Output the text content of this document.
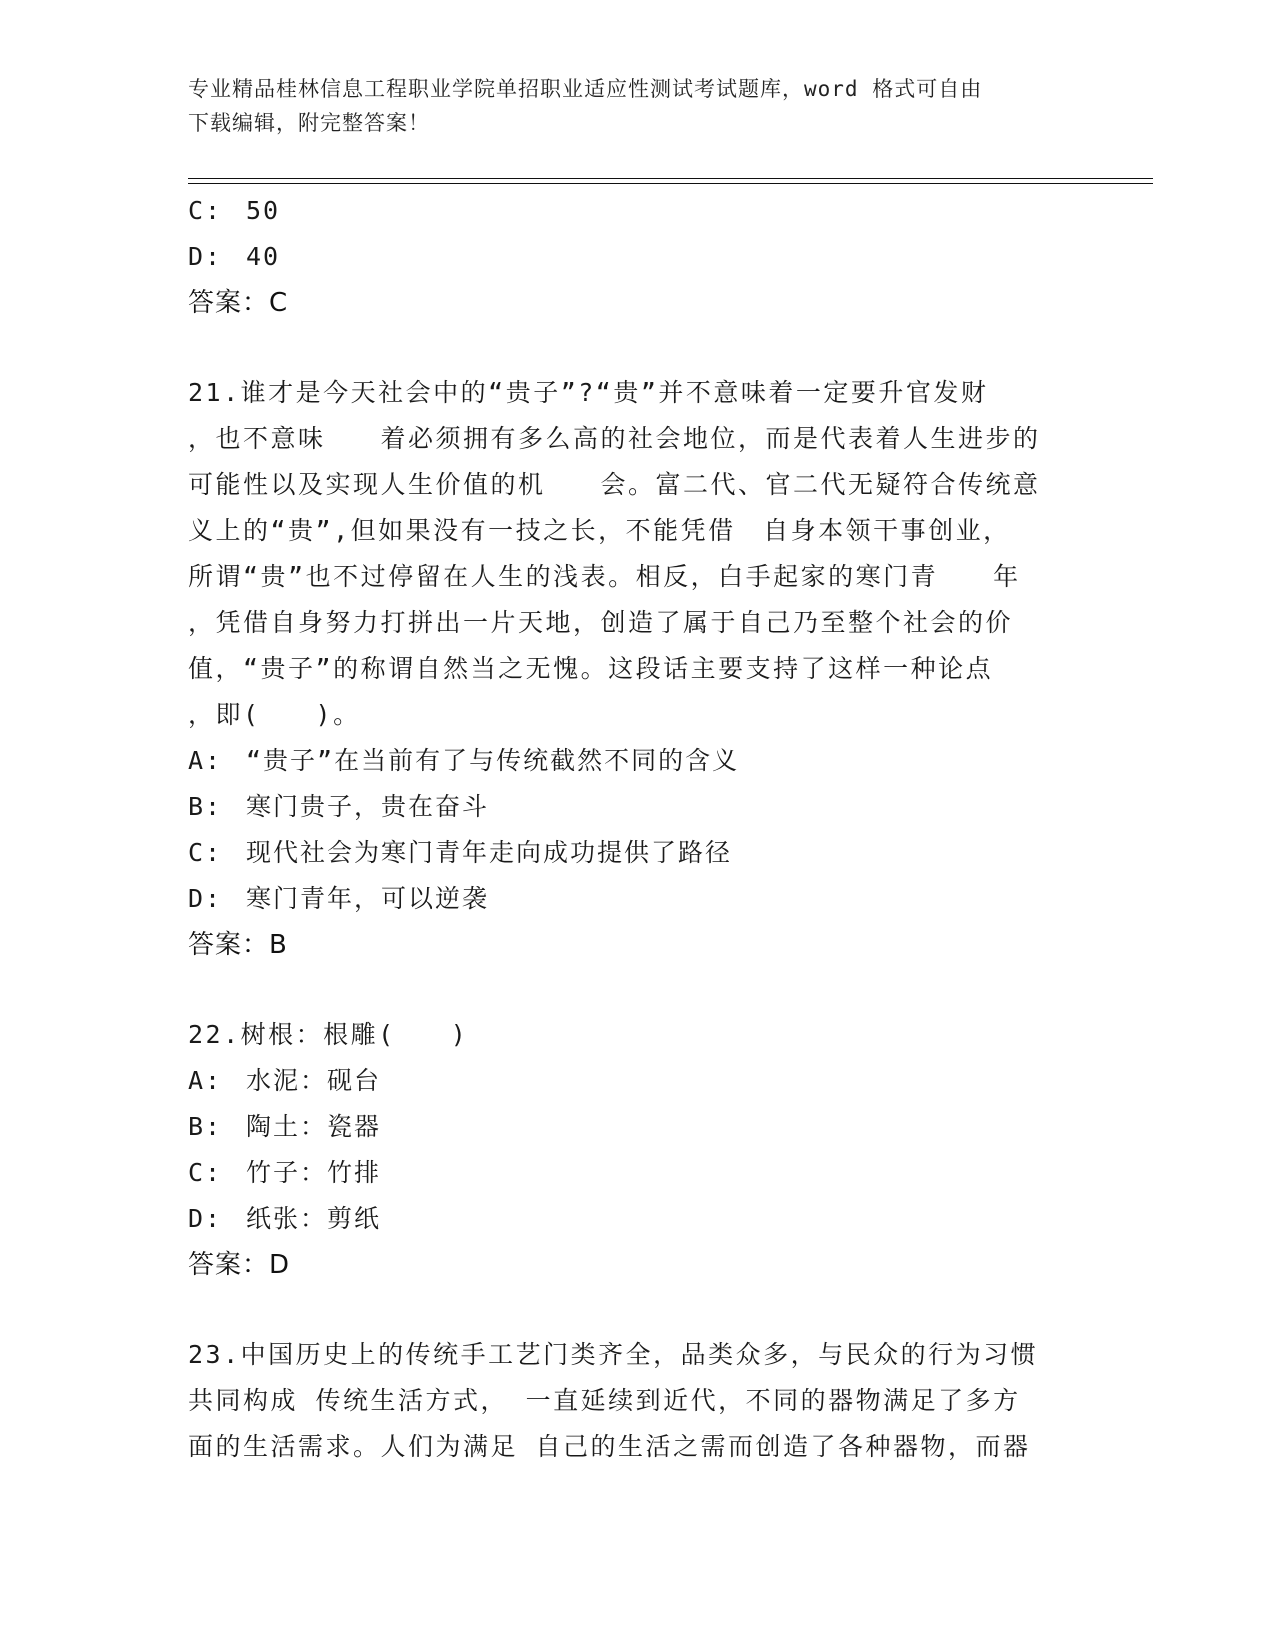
专业精品桂林信息工程职业学院单招职业适应性测试考试题库，word 格式可自由
下载编辑，附完整答案！
C: 50
D: 40
答案：C
21.谁才是今天社会中的“贵子”?“贵”并不意味着一定要升官发财
，也不意味　　着必须拥有多么高的社会地位，而是代表着人生进步的
可能性以及实现人生价值的机　　会。富二代、官二代无疑符合传统意
义上的“贵”,但如果没有一技之长，不能凭借　自身本领干事创业，
所谓“贵”也不过停留在人生的浅表。相反，白手起家的寒门青　　年
，凭借自身努力打拼出一片天地，创造了属于自己乃至整个社会的价
值，“贵子”的称谓自然当之无愧。这段话主要支持了这样一种论点
，即(　　)。
A: “贵子”在当前有了与传统截然不同的含义
B: 寒门贵子，贵在奋斗
C: 现代社会为寒门青年走向成功提供了路径
D: 寒门青年，可以逆袭
答案：B
22.树根：根雕(　　)
A: 水泥：砚台
B: 陶土：瓷器
C: 竹子：竹排
D: 纸张：剪纸
答案：D
23.中国历史上的传统手工艺门类齐全，品类众多，与民众的行为习惯
共同构成 传统生活方式， 一直延续到近代，不同的器物满足了多方
面的生活需求。人们为满足 自己的生活之需而创造了各种器物，而器
